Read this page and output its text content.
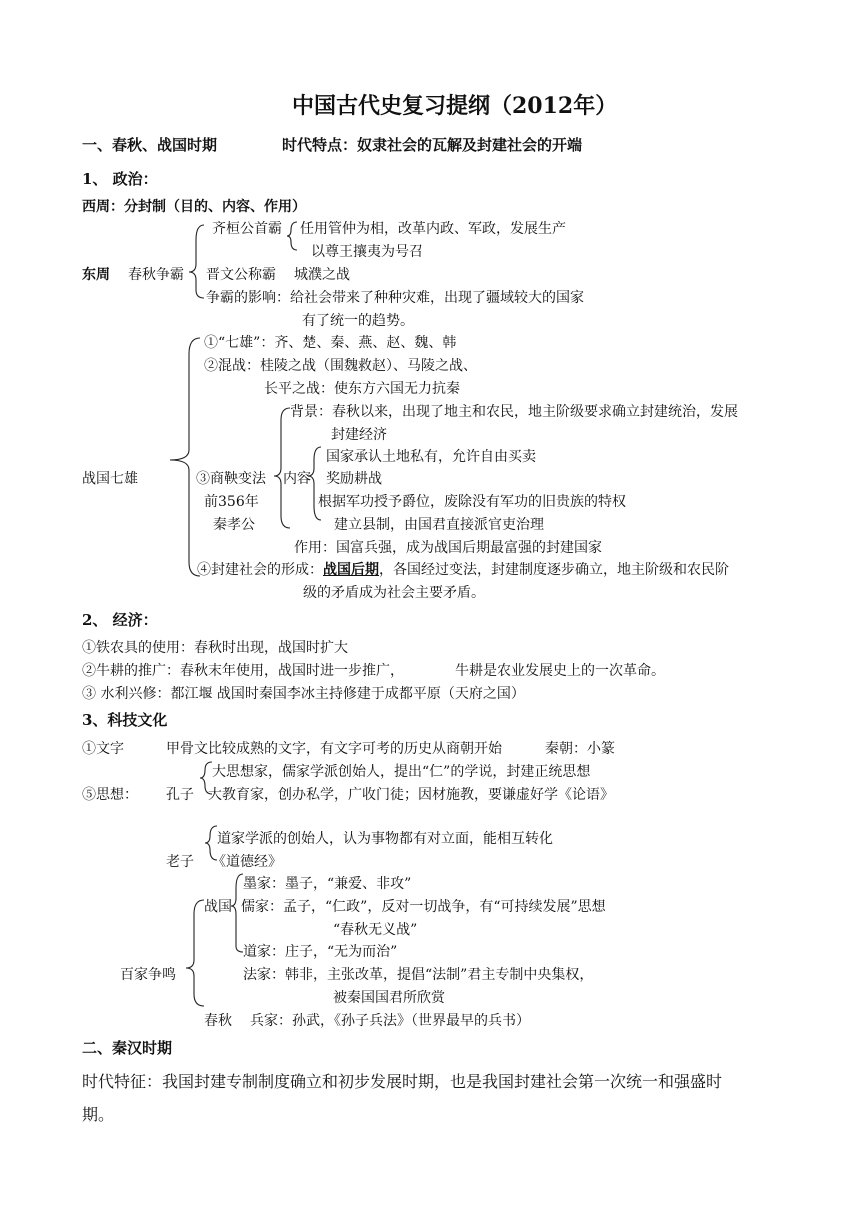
中国古代史复习提纲（2012年）
一、春秋、战国时期	时代特点：奴隶社会的瓦解及封建社会的开端
1、 政治：
西周：分封制（目的、内容、作用）
齐桓公首霸 任用管仲为相，改革内政、军政，发展生产
以尊王攘夷为号召
东周 春秋争霸 晋文公称霸 城濮之战
争霸的影响：给社会带来了种种灾难，出现了疆域较大的国家
有了统一的趋势。
①“七雄”：齐、楚、秦、燕、赵、魏、韩
②混战：桂陵之战（围魏救赵）、马陵之战、
长平之战：使东方六国无力抗秦
背景：春秋以来，出现了地主和农民，地主阶级要求确立封建统治，发展
封建经济
国家承认土地私有，允许自由买卖
战国七雄	③商鞅变法 内容 奖励耕战
前356年	根据军功授予爵位，废除没有军功的旧贵族的特权
秦孝公	建立县制，由国君直接派官吏治理
作用：国富兵强，成为战国后期最富强的封建国家
④封建社会的形成：战国后期，各国经过变法，封建制度逐步确立，地主阶级和农民阶
级的矛盾成为社会主要矛盾。
2、 经济：
①铁农具的使用：春秋时出现，战国时扩大
②牛耕的推广：春秋末年使用，战国时进一步推广，	牛耕是农业发展史上的一次革命。
③ 水利兴修：都江堰 战国时秦国李冰主持修建于成都平原（天府之国）
3、科技文化
①文字	甲骨文比较成熟的文字，有文字可考的历史从商朝开始	秦朝：小篆
大思想家，儒家学派创始人，提出“仁”的学说，封建正统思想
⑤思想： 孔子 大教育家，创办私学，广收门徒；因材施教，要谦虚好学《论语》
道家学派的创始人，认为事物都有对立面，能相互转化
老子 《道德经》
墨家：墨子，“兼爱、非攻”
战国 儒家：孟子，“仁政”，反对一切战争，有“可持续发展”思想
“春秋无义战”
道家：庄子，“无为而治”
百家争鸣	法家：韩非，主张改革，提倡“法制”君主专制中央集权，
被秦国国君所欣赏
春秋 兵家：孙武，《孙子兵法》（世界最早的兵书）
二、秦汉时期
时代特征：我国封建专制制度确立和初步发展时期，也是我国封建社会第一次统一和强盛时
期。
